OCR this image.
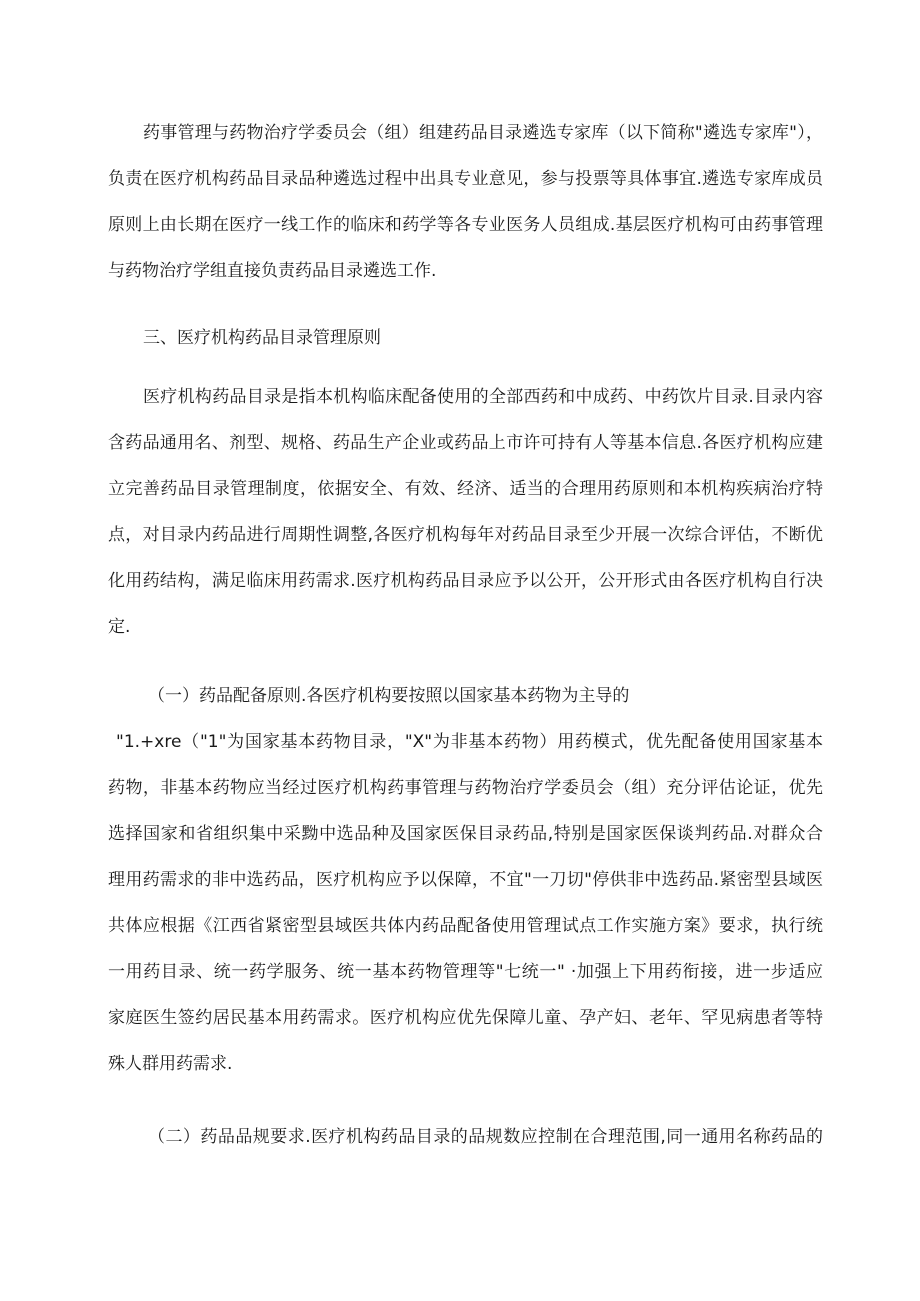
药事管理与药物治疗学委员会（组）组建药品目录遴选专家库（以下简称"遴选专家库"），
负责在医疗机构药品目录品种遴选过程中出具专业意见，参与投票等具体事宜.遴选专家库成员
原则上由长期在医疗一线工作的临床和药学等各专业医务人员组成.基层医疗机构可由药事管理
与药物治疗学组直接负责药品目录遴选工作.
三、医疗机构药品目录管理原则
医疗机构药品目录是指本机构临床配备使用的全部西药和中成药、中药饮片目录.目录内容
含药品通用名、剂型、规格、药品生产企业或药品上市许可持有人等基本信息.各医疗机构应建
立完善药品目录管理制度，依据安全、有效、经济、适当的合理用药原则和本机构疾病治疗特
点，对目录内药品进行周期性调整,各医疗机构每年对药品目录至少开展一次综合评估，不断优
化用药结构，满足临床用药需求.医疗机构药品目录应予以公开，公开形式由各医疗机构自行决
定.
（一）药品配备原则.各医疗机构要按照以国家基本药物为主导的
"1.+xre（"1"为国家基本药物目录，"X"为非基本药物）用药模式，优先配备使用国家基本
药物，非基本药物应当经过医疗机构药事管理与药物治疗学委员会（组）充分评估论证，优先
选择国家和省组织集中采黝中选品种及国家医保目录药品,特别是国家医保谈判药品.对群众合
理用药需求的非中选药品，医疗机构应予以保障，不宜"一刀切"停供非中选药品.紧密型县域医
共体应根据《江西省紧密型县域医共体内药品配备使用管理试点工作实施方案》要求，执行统
一用药目录、统一药学服务、统一基本药物管理等"七统一" ·加强上下用药衔接，进一步适应
家庭医生签约居民基本用药需求。医疗机构应优先保障儿童、孕产妇、老年、罕见病患者等特
殊人群用药需求.
（二）药品品规要求.医疗机构药品目录的品规数应控制在合理范围,同一通用名称药品的
